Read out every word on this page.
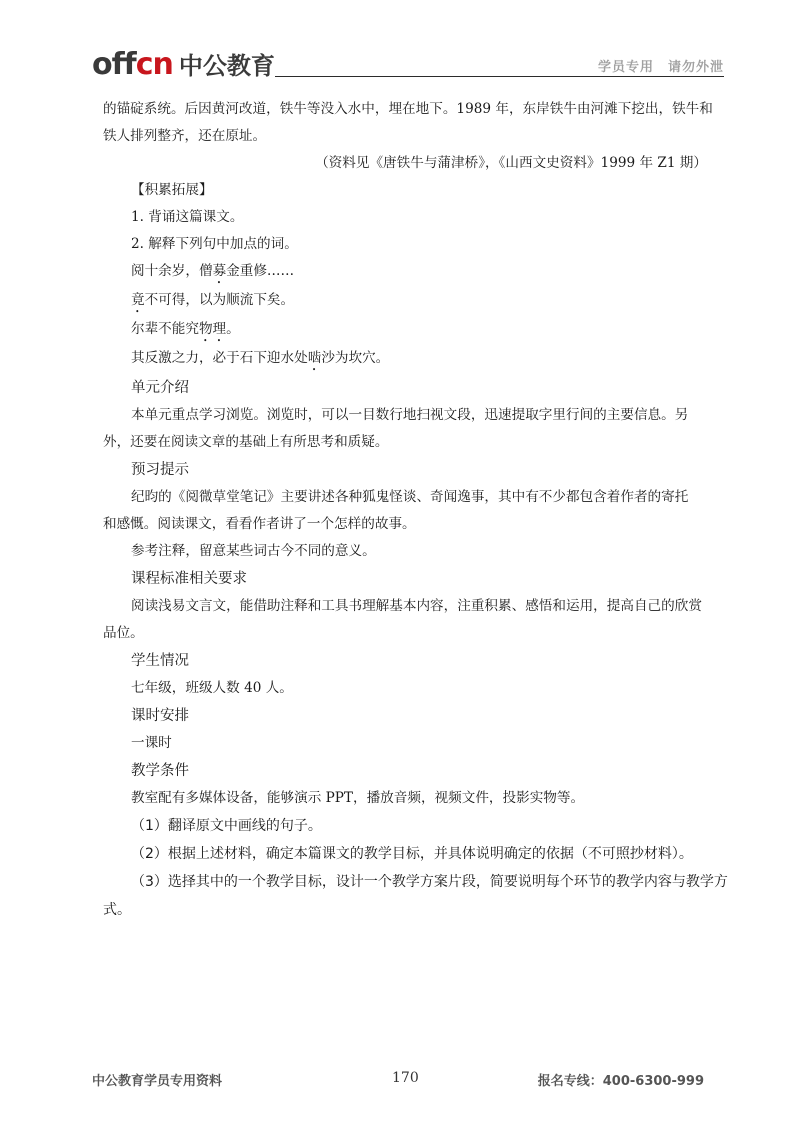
offcn 中公教育	学员专用 请勿外泄
的锚碇系统。后因黄河改道，铁牛等没入水中，埋在地下。1989 年，东岸铁牛由河滩下挖出，铁牛和
铁人排列整齐，还在原址。
（资料见《唐铁牛与蒲津桥》，《山西文史资料》1999 年 Z1 期）
【积累拓展】
1. 背诵这篇课文。
2. 解释下列句中加点的词。
阅十余岁，僧募金重修……
竟不可得，以为顺流下矣。
尔辈不能究物理。
其反激之力，必于石下迎水处啮沙为坎穴。
单元介绍
本单元重点学习浏览。浏览时，可以一目数行地扫视文段，迅速提取字里行间的主要信息。另
外，还要在阅读文章的基础上有所思考和质疑。
预习提示
纪昀的《阅微草堂笔记》主要讲述各种狐鬼怪谈、奇闻逸事，其中有不少都包含着作者的寄托
和感慨。阅读课文，看看作者讲了一个怎样的故事。
参考注释，留意某些词古今不同的意义。
课程标准相关要求
阅读浅易文言文，能借助注释和工具书理解基本内容，注重积累、感悟和运用，提高自己的欣赏
品位。
学生情况
七年级，班级人数 40 人。
课时安排
一课时
教学条件
教室配有多媒体设备，能够演示 PPT，播放音频，视频文件，投影实物等。
（1）翻译原文中画线的句子。
（2）根据上述材料，确定本篇课文的教学目标，并具体说明确定的依据（不可照抄材料）。
（3）选择其中的一个教学目标，设计一个教学方案片段，简要说明每个环节的教学内容与教学方
式。
中公教育学员专用资料	170	报名专线：400-6300-999
